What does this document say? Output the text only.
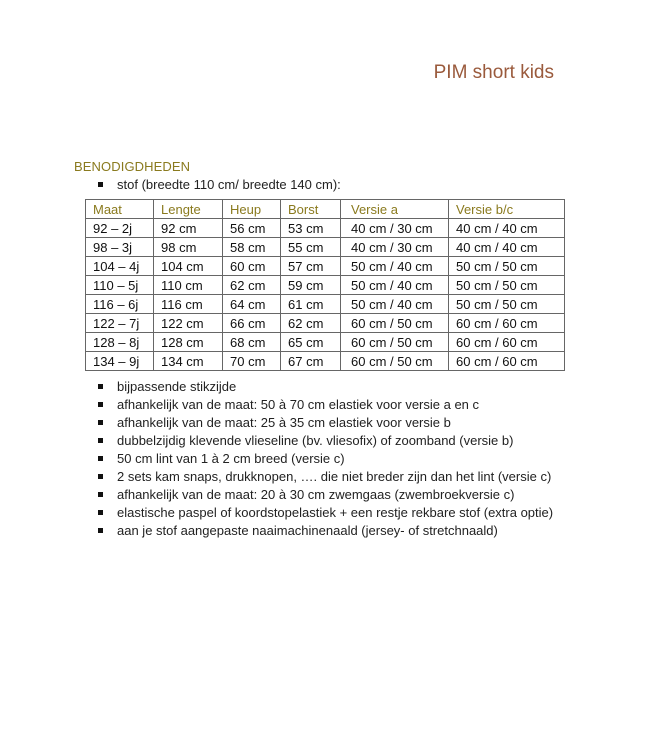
PIM short kids
BENODIGDHEDEN
stof (breedte 110 cm/ breedte 140 cm):
Maat	Lengte	Heup	Borst	Versie a	Versie b/c
92 – 2j	92 cm	56 cm	53 cm	40 cm / 30 cm	40 cm / 40 cm
98 – 3j	98 cm	58 cm	55 cm	40 cm / 30 cm	40 cm / 40 cm
104 – 4j	104 cm	60 cm	57 cm	50 cm / 40 cm	50 cm / 50 cm
110 – 5j	110 cm	62 cm	59 cm	50 cm / 40 cm	50 cm / 50 cm
116 – 6j	116 cm	64 cm	61 cm	50 cm / 40 cm	50 cm / 50 cm
122 – 7j	122 cm	66 cm	62 cm	60 cm / 50 cm	60 cm / 60 cm
128 – 8j	128 cm	68 cm	65 cm	60 cm / 50 cm	60 cm / 60 cm
134 – 9j	134 cm	70 cm	67 cm	60 cm / 50 cm	60 cm / 60 cm
bijpassende stikzijde
afhankelijk van de maat: 50 à 70 cm elastiek voor versie a en c
afhankelijk van de maat: 25 à 35 cm elastiek voor versie b
dubbelzijdig klevende vlieseline (bv. vliesofix) of zoomband (versie b)
50 cm lint van 1 à 2 cm breed (versie c)
2 sets kam snaps, drukknopen, …. die niet breder zijn dan het lint (versie c)
afhankelijk van de maat: 20 à 30 cm zwemgaas (zwembroekversie c)
elastische paspel of koordstopelastiek + een restje rekbare stof (extra optie)
aan je stof aangepaste naaimachinenaald (jersey- of stretchnaald)
